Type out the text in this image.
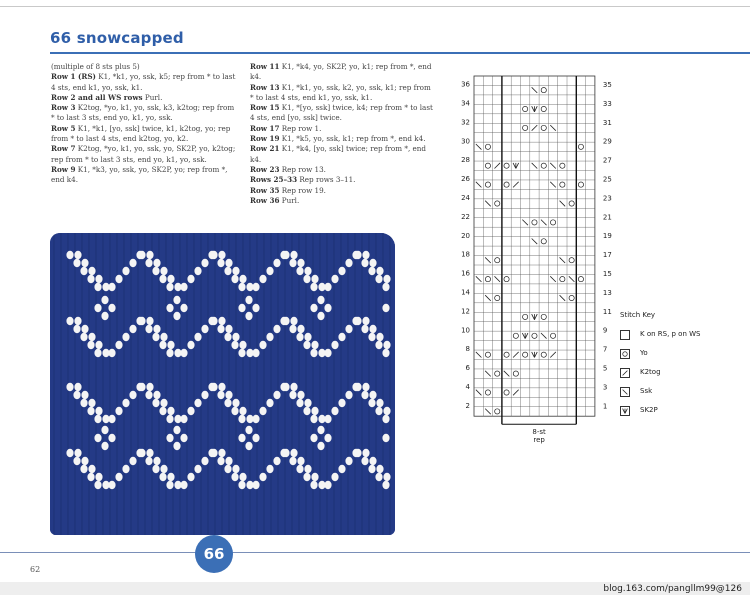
66 snowcapped

(multiple of 8 sts plus 5)

Row 1 (RS) K1, *k1, yo, ssk, k5; rep from * to last 4 sts, end k1, yo, ssk, k1.

Row 2 and all WS rows Purl.

Row 3 K2tog, *yo, k1, yo, ssk, k3, k2tog; rep from * to last 3 sts, end yo, k1, yo, ssk.

Row 5 K1, *k1, [yo, ssk] twice, k1, k2tog, yo; rep from * to last 4 sts, end k2tog, yo, k2.

Row 7 K2tog, *yo, k1, yo, ssk, yo, SK2P, yo, k2tog; rep from * to last 3 sts, end yo, k1, yo, ssk.

Row 9 K1, *k3, yo, ssk, yo, SK2P, yo; rep from *, end k4.

Row 11 K1, *k4, yo, SK2P, yo, k1; rep from *, end k4.

Row 13 K1, *k1, yo, ssk, k2, yo, ssk, k1; rep from * to last 4 sts, end k1, yo, ssk, k1.

Row 15 K1, *[yo, ssk] twice, k4; rep from * to last 4 sts, end [yo, ssk] twice.

Row 17 Rep row 1.

Row 19 K1, *k5, yo, ssk, k1; rep from *, end k4.

Row 21 K1, *k4, [yo, ssk] twice; rep from *, end k4.

Row 23 Rep row 13.

Rows 25–33 Rep rows 3–11.

Row 35 Rep row 19.

Row 36 Purl.

36
34
32
30
28
26
24
22
20
18
16
14
12
10
8
6
4
2
35
33
31
29
27
25
23
21
19
17
15
13
11
9
7
5
3
1
8-st
rep
Stitch Key
K on RS, p on WS
Yo
K2tog
Ssk
SK2P
66
62
blog.163.com/pangllm99@126
